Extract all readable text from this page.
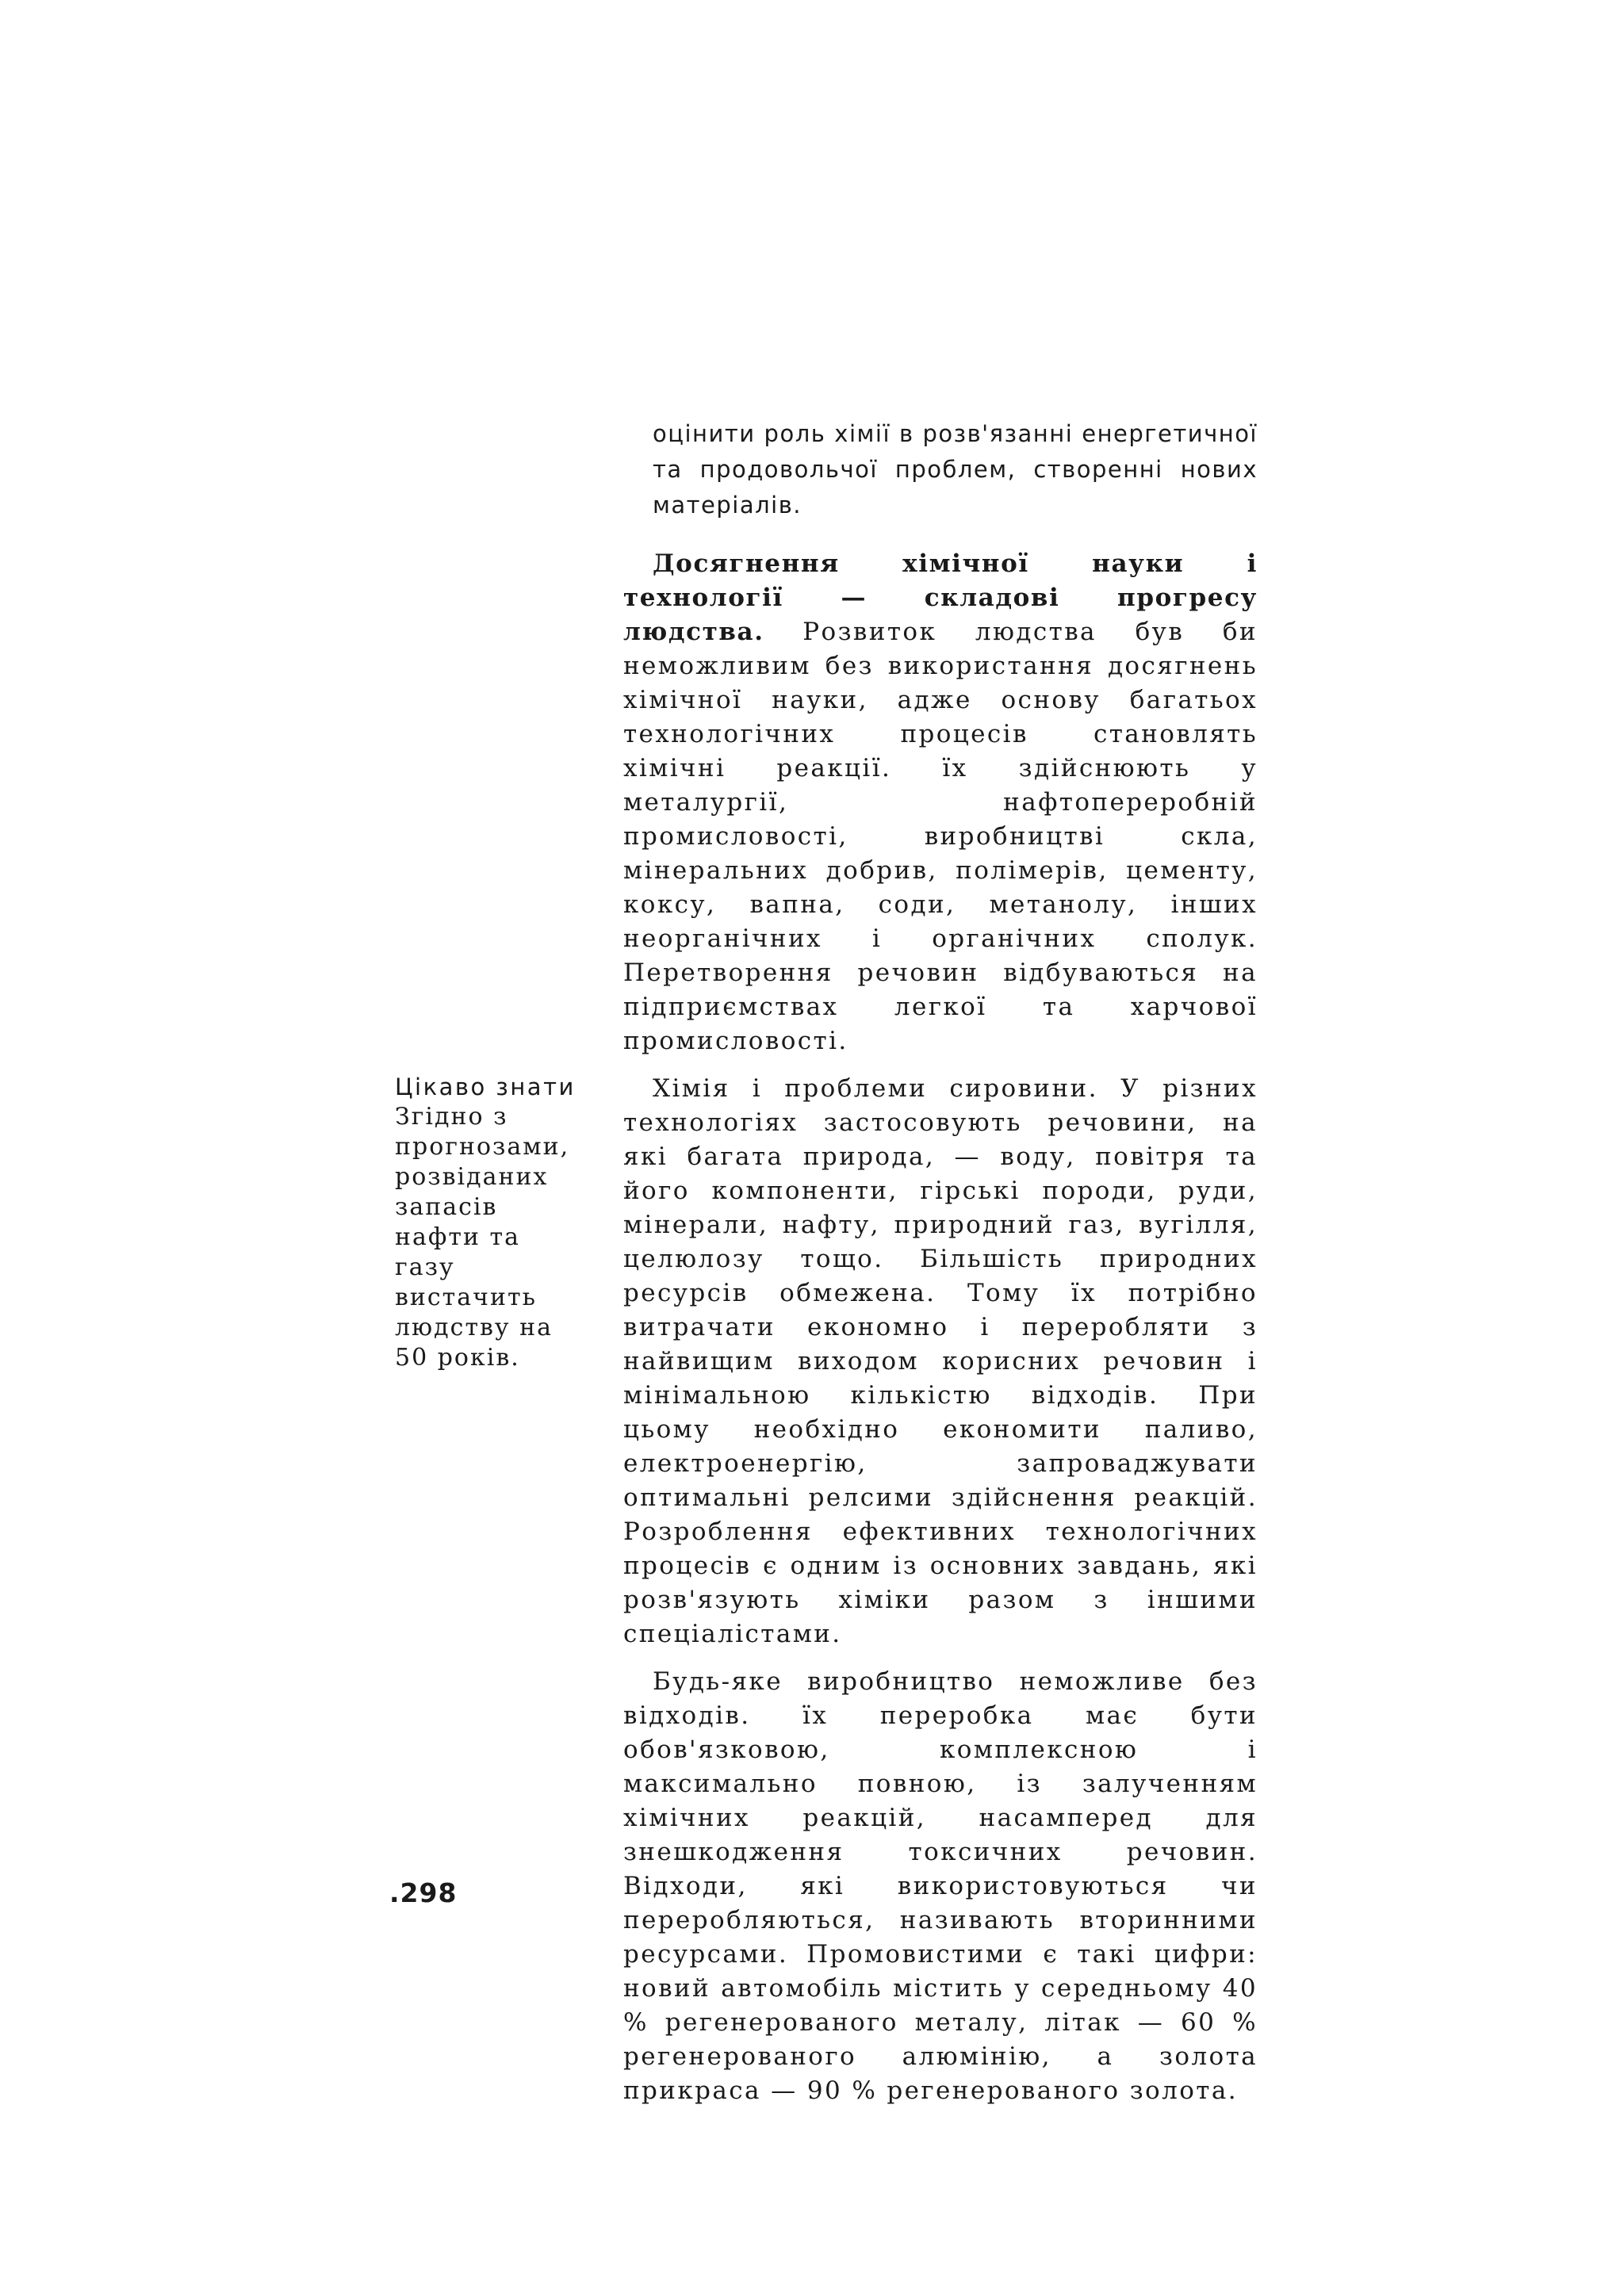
оцінити роль хімії в розв'язанні енергетичної та продовольчої проблем, створенні нових матеріалів.

Досягнення хімічної науки і технології — складові прогресу людства. Розвиток людства був би неможливим без використання досягнень хімічної науки, адже основу багатьох технологічних процесів становлять хімічні реакції. їх здійснюють у металургії, нафтопереробній промисловості, виробництві скла, мінеральних добрив, полімерів, цементу, коксу, вапна, соди, метанолу, інших неорганічних і органічних сполук. Перетворення речовин відбуваються на підприємствах легкої та харчової промисловості.

Хімія і проблеми сировини. У різних технологіях застосовують речовини, на які багата природа, — воду, повітря та його компоненти, гірські породи, руди, мінерали, нафту, природний газ, вугілля, целюлозу тощо. Більшість природних ресурсів обмежена. Тому їх потрібно витрачати економно і переробляти з найвищим виходом корисних речовин і мінімальною кількістю відходів. При цьому необхідно економити паливо, електроенергію, запроваджувати оптимальні релсими здійснення реакцій. Розроблення ефективних технологічних процесів є одним із основних завдань, які розв'язують хіміки разом з іншими спеціалістами.

Будь-яке виробництво неможливе без відходів. їх переробка має бути обов'язковою, комплексною і максимально повною, із залученням хімічних реакцій, насамперед для знешкодження токсичних речовин. Відходи, які використовуються чи переробляються, називають вторинними ресурсами. Промовистими є такі цифри: новий автомобіль містить у середньому 40 % регенерованого металу, літак — 60 % регенерованого алюмінію, а золота прикраса — 90 % регенерованого золота.

Цікаво знати
Згідно з прогнозами, розвіданих запасів нафти та газу вистачить людству на 50 років.
.298
